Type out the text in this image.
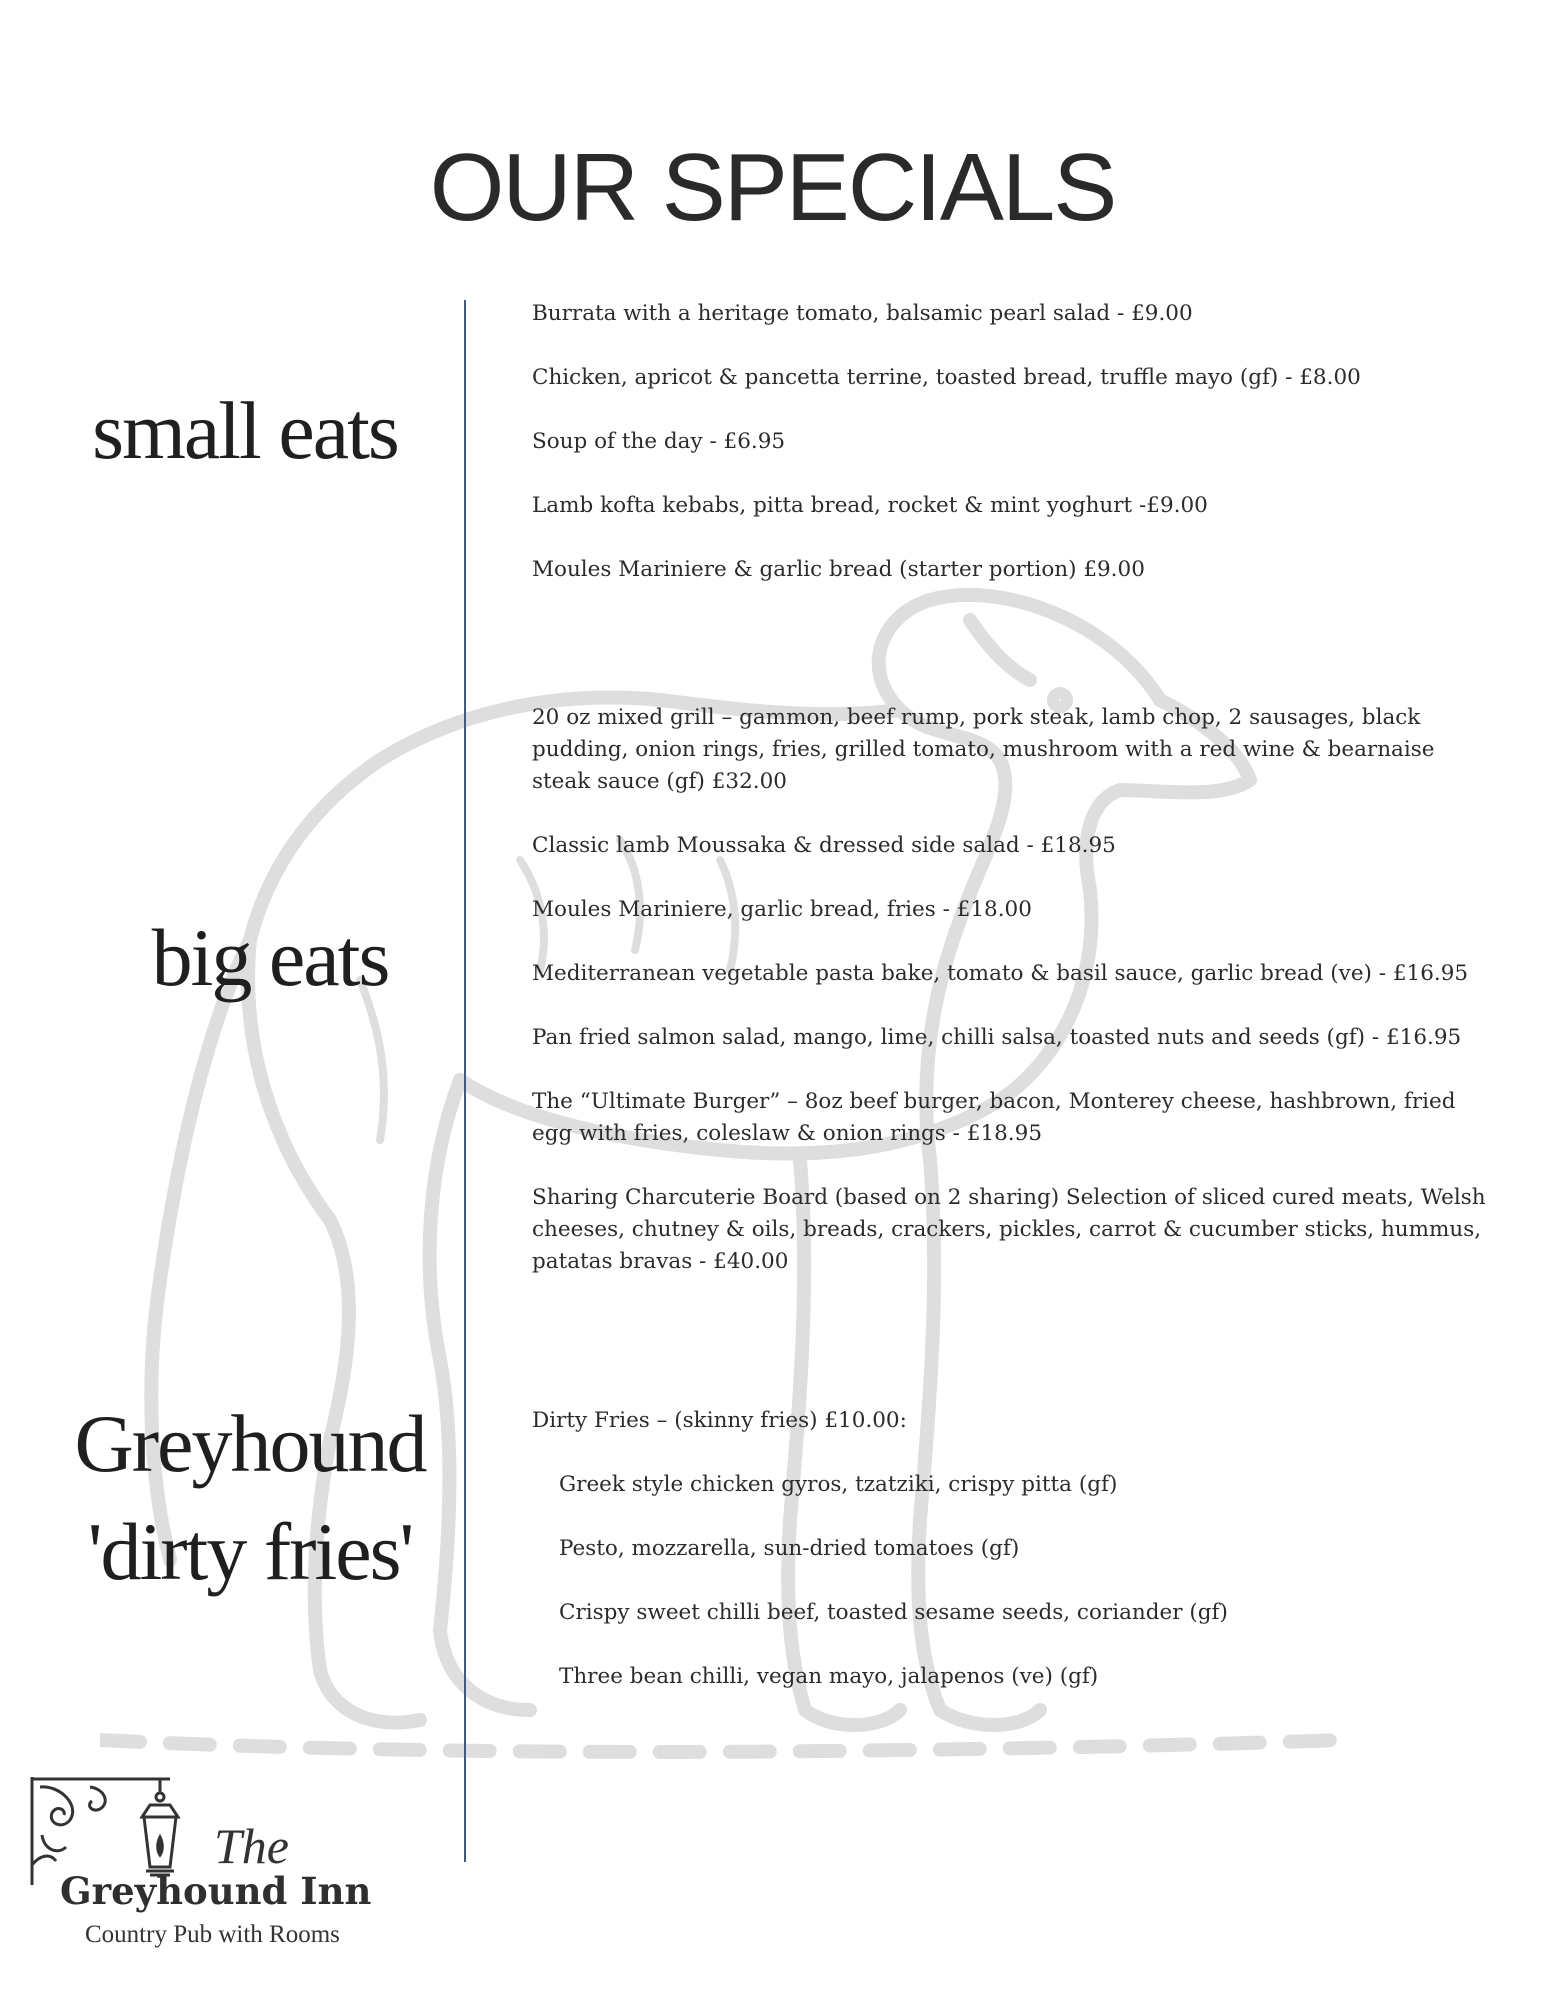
OUR SPECIALS
small eats
Burrata with a heritage tomato, balsamic pearl salad - £9.00
Chicken, apricot & pancetta terrine, toasted bread, truffle mayo (gf) - £8.00
Soup of the day - £6.95
Lamb kofta kebabs, pitta bread, rocket & mint yoghurt -£9.00
Moules Mariniere & garlic bread (starter portion) £9.00
big eats
20 oz mixed grill – gammon, beef rump, pork steak, lamb chop, 2 sausages, black pudding, onion rings, fries, grilled tomato, mushroom with a red wine & bearnaise steak sauce (gf) £32.00
Classic lamb Moussaka & dressed side salad - £18.95
Moules Mariniere, garlic bread, fries - £18.00
Mediterranean vegetable pasta bake, tomato & basil sauce, garlic bread (ve) - £16.95
Pan fried salmon salad, mango, lime, chilli salsa, toasted nuts and seeds (gf) - £16.95
The “Ultimate Burger” – 8oz beef burger, bacon, Monterey cheese, hashbrown, fried egg with fries, coleslaw & onion rings - £18.95
Sharing Charcuterie Board (based on 2 sharing) Selection of sliced cured meats, Welsh cheeses, chutney & oils, breads, crackers, pickles, carrot & cucumber sticks, hummus, patatas bravas - £40.00
Greyhound
'dirty fries'
Dirty Fries – (skinny fries) £10.00:
Greek style chicken gyros, tzatziki, crispy pitta (gf)
Pesto, mozzarella, sun-dried tomatoes (gf)
Crispy sweet chilli beef, toasted sesame seeds, coriander (gf)
Three bean chilli, vegan mayo, jalapenos (ve) (gf)
The
Greyhound Inn
Country Pub with Rooms
